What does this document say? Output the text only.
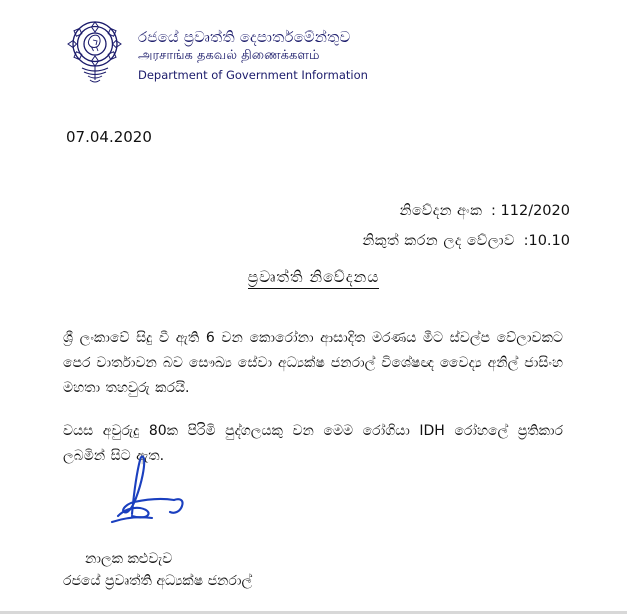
රජයේ ප්‍රවෘත්ති දෙපාර්තමේන්තුව
அரசாங்க தகவல் திணைக்களம்
Department of Government Information
07.04.2020
නිවේදන අංක : 112/2020
නිකුත් කරන ලද වේලාව :10.10
ප්‍රවෘත්ති නිවේදනය

ශ්‍රී ලංකාවේ සිදු වී ඇති 6 වන කොරෝනා ආසාදිත මරණය මීට ස්වල්ප වේලාවකට පෙර වාර්තාවන බව සෞඛ්‍ය සේවා අධ්‍යක්ෂ ජනරාල් විශේෂඥ වෛද්‍ය අනිල් ජාසිංහ මහතා තහවුරු කරයි.

වයස අවුරුදු 80ක පිරිමි පුද්ගලයකු වන මෙම රෝගියා IDH රෝහලේ ප්‍රතිකාර ලබමින් සිට ඇත.

නාලක කළුවැව
රජයේ ප්‍රවෘත්ති අධ්‍යක්ෂ ජනරාල්
